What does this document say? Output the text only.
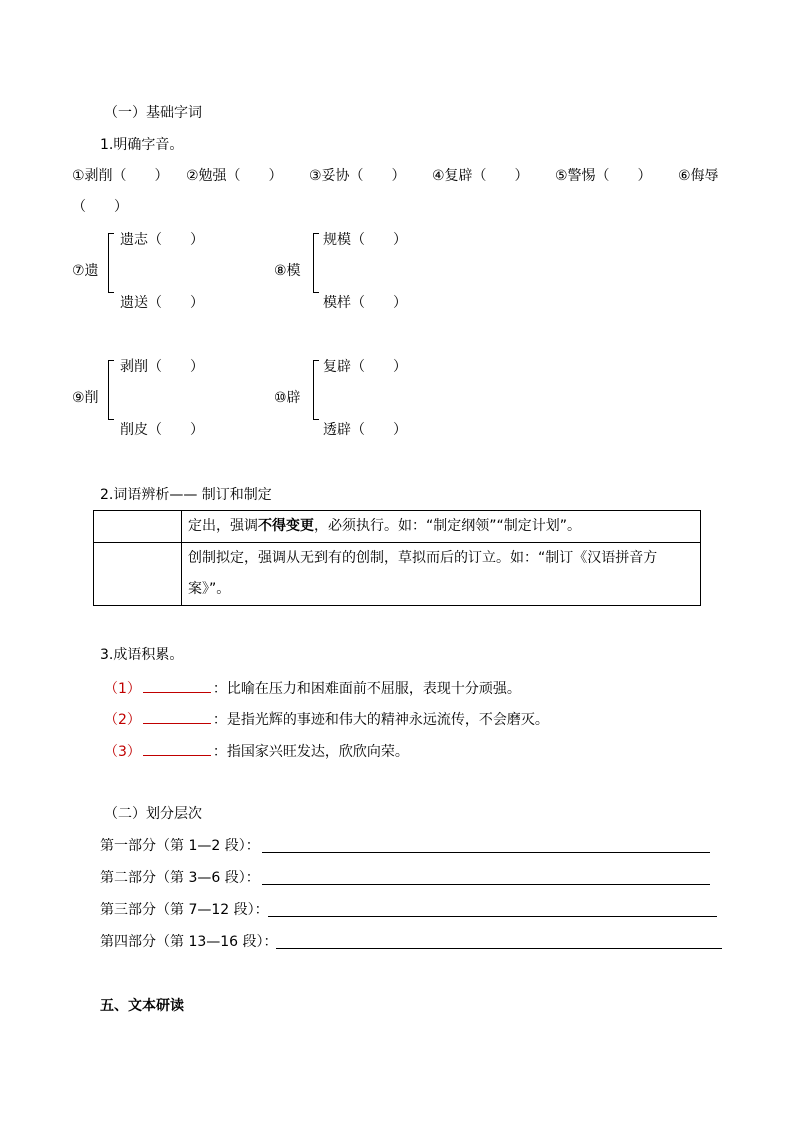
（一）基础字词
1.明确字音。
①剥削（　　） ②勉强（　　） ③妥协（　　） ④复辟（　　） ⑤警惕（　　） ⑥侮辱
（　　）
⑦遗
遗志（　　）
遗送（　　）
⑧模
规模（　　）
模样（　　）
⑨削
剥削（　　）
削皮（　　）
⑩辟
复辟（　　）
透辟（　　）
2.词语辨析—— 制订和制定
	定出，强调不得变更，必须执行。如：“制定纲领”“制定计划”。

	创制拟定，强调从无到有的创制，草拟而后的订立。如：“制订《汉语拼音方
案》”。
3.成语积累。
（1）	：比喻在压力和困难面前不屈服，表现十分顽强。
（2）	：是指光辉的事迹和伟大的精神永远流传，不会磨灭。
（3）	：指国家兴旺发达，欣欣向荣。
（二）划分层次
第一部分（第 1—2 段）：
第二部分（第 3—6 段）：
第三部分（第 7—12 段）：
第四部分（第 13—16 段）：
五、文本研读
